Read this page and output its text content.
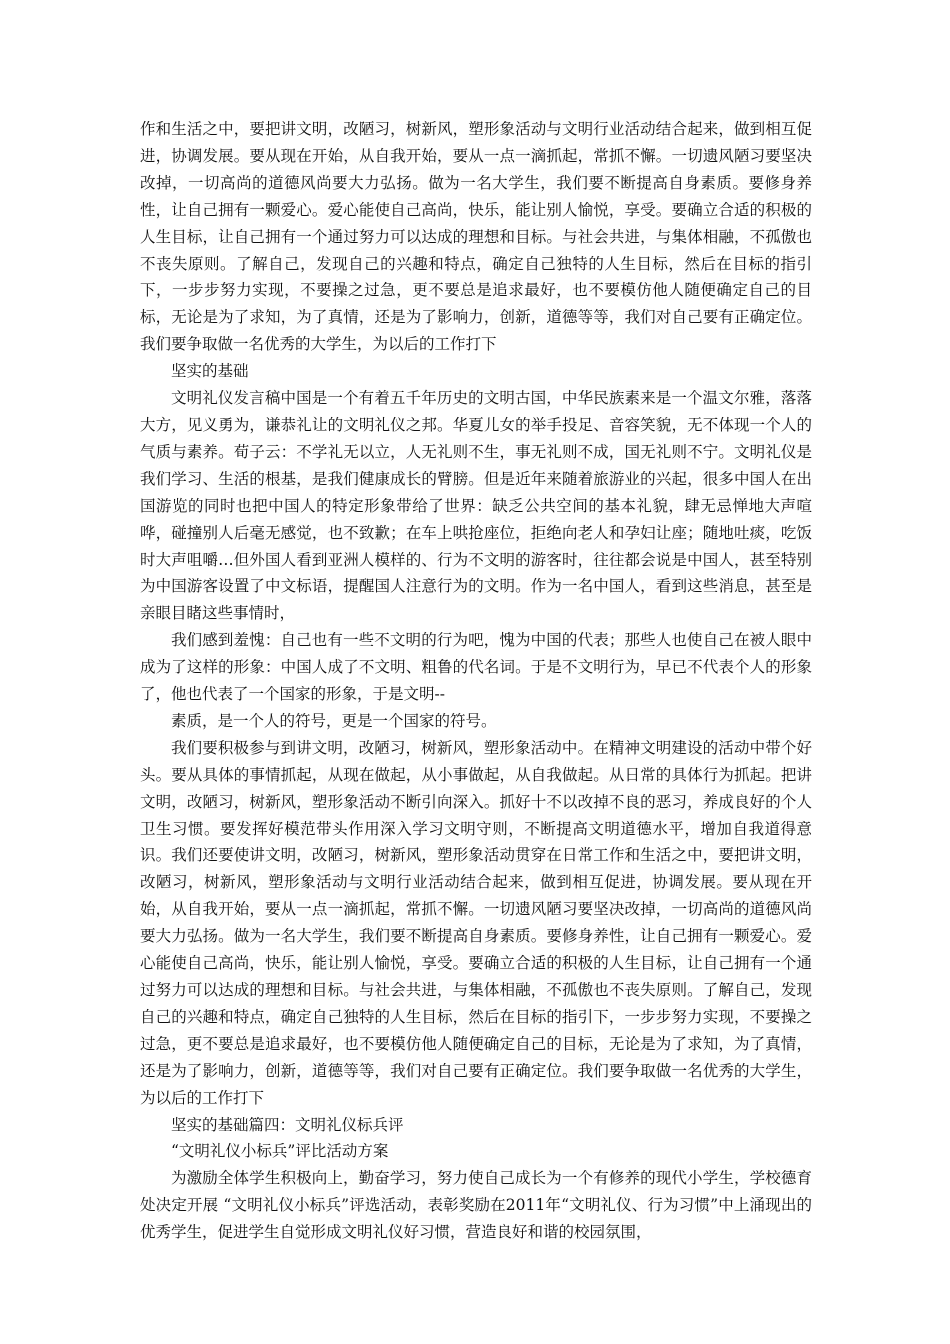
作和生活之中，要把讲文明，改陋习，树新风，塑形象活动与文明行业活动结合起来，做到相互促进，协调发展。要从现在开始，从自我开始，要从一点一滴抓起，常抓不懈。一切遗风陋习要坚决改掉，一切高尚的道德风尚要大力弘扬。做为一名大学生，我们要不断提高自身素质。要修身养性，让自己拥有一颗爱心。爱心能使自己高尚，快乐，能让别人愉悦，享受。要确立合适的积极的人生目标，让自己拥有一个通过努力可以达成的理想和目标。与社会共进，与集体相融，不孤傲也不丧失原则。了解自己，发现自己的兴趣和特点，确定自己独特的人生目标，然后在目标的指引下，一步步努力实现，不要操之过急，更不要总是追求最好，也不要模仿他人随便确定自己的目标，无论是为了求知，为了真情，还是为了影响力，创新，道德等等，我们对自己要有正确定位。我们要争取做一名优秀的大学生，为以后的工作打下

坚实的基础

文明礼仪发言稿中国是一个有着五千年历史的文明古国，中华民族素来是一个温文尔雅，落落大方，见义勇为，谦恭礼让的文明礼仪之邦。华夏儿女的举手投足、音容笑貌，无不体现一个人的气质与素养。荀子云：不学礼无以立，人无礼则不生，事无礼则不成，国无礼则不宁。文明礼仪是我们学习、生活的根基，是我们健康成长的臂膀。但是近年来随着旅游业的兴起，很多中国人在出国游览的同时也把中国人的特定形象带给了世界：缺乏公共空间的基本礼貌，肆无忌惮地大声喧哗，碰撞别人后毫无感觉，也不致歉；在车上哄抢座位，拒绝向老人和孕妇让座；随地吐痰，吃饭时大声咀嚼…但外国人看到亚洲人模样的、行为不文明的游客时，往往都会说是中国人，甚至特别为中国游客设置了中文标语，提醒国人注意行为的文明。作为一名中国人，看到这些消息，甚至是亲眼目睹这些事情时，

我们感到羞愧：自己也有一些不文明的行为吧，愧为中国的代表；那些人也使自己在被人眼中成为了这样的形象：中国人成了不文明、粗鲁的代名词。于是不文明行为，早已不代表个人的形象了，他也代表了一个国家的形象，于是文明--

素质，是一个人的符号，更是一个国家的符号。

我们要积极参与到讲文明，改陋习，树新风，塑形象活动中。在精神文明建设的活动中带个好头。要从具体的事情抓起，从现在做起，从小事做起，从自我做起。从日常的具体行为抓起。把讲文明，改陋习，树新风，塑形象活动不断引向深入。抓好十不以改掉不良的恶习，养成良好的个人卫生习惯。要发挥好模范带头作用深入学习文明守则，不断提高文明道德水平，增加自我道得意识。我们还要使讲文明，改陋习，树新风，塑形象活动贯穿在日常工作和生活之中，要把讲文明，改陋习，树新风，塑形象活动与文明行业活动结合起来，做到相互促进，协调发展。要从现在开始，从自我开始，要从一点一滴抓起，常抓不懈。一切遗风陋习要坚决改掉，一切高尚的道德风尚要大力弘扬。做为一名大学生，我们要不断提高自身素质。要修身养性，让自己拥有一颗爱心。爱心能使自己高尚，快乐，能让别人愉悦，享受。要确立合适的积极的人生目标，让自己拥有一个通过努力可以达成的理想和目标。与社会共进，与集体相融，不孤傲也不丧失原则。了解自己，发现自己的兴趣和特点，确定自己独特的人生目标，然后在目标的指引下，一步步努力实现，不要操之过急，更不要总是追求最好，也不要模仿他人随便确定自己的目标，无论是为了求知，为了真情，还是为了影响力，创新，道德等等，我们对自己要有正确定位。我们要争取做一名优秀的大学生，为以后的工作打下

坚实的基础篇四：文明礼仪标兵评

“文明礼仪小标兵”评比活动方案

为激励全体学生积极向上，勤奋学习，努力使自己成长为一个有修养的现代小学生，学校德育处决定开展 “文明礼仪小标兵”评选活动，表彰奖励在2011年“文明礼仪、行为习惯”中上涌现出的优秀学生，促进学生自觉形成文明礼仪好习惯，营造良好和谐的校园氛围，
